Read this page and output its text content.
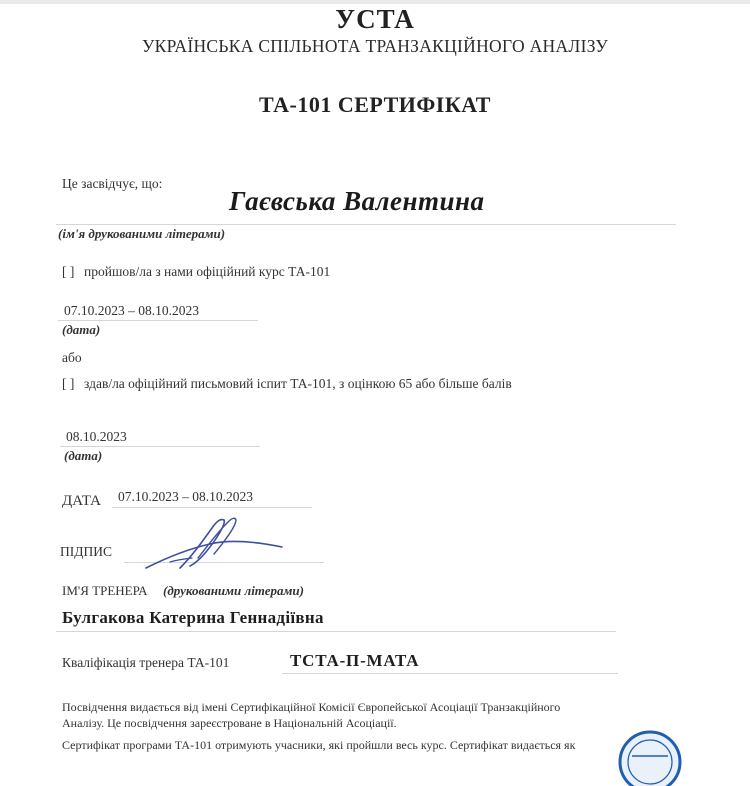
УСТА
УКРАЇНСЬКА СПІЛЬНОТА ТРАНЗАКЦІЙНОГО АНАЛІЗУ
ТА-101 СЕРТИФІКАТ
Це засвідчує, що:
Гаєвська Валентина
(ім'я друкованими літерами)
[ ] пройшов/ла з нами офіційний курс ТА-101
07.10.2023 – 08.10.2023
(дата)
або
[ ] здав/ла офіційний письмовий іспит ТА-101, з оцінкою 65 або більше балів
08.10.2023
(дата)
ДАТА 07.10.2023 – 08.10.2023
ПІДПИС
ІМ'Я ТРЕНЕРА (друкованими літерами)
Булгакова Катерина Геннадіївна
Кваліфікація тренера ТА-101	ТСТА-П-МАТА
Посвідчення видається від імені Сертифікаційної Комісії Європейської Асоціації Транзакційного
Аналізу. Це посвідчення зареєстроване в Національній Асоціації.
Сертифікат програми ТА-101 отримують учасники, які пройшли весь курс. Сертифікат видається як
